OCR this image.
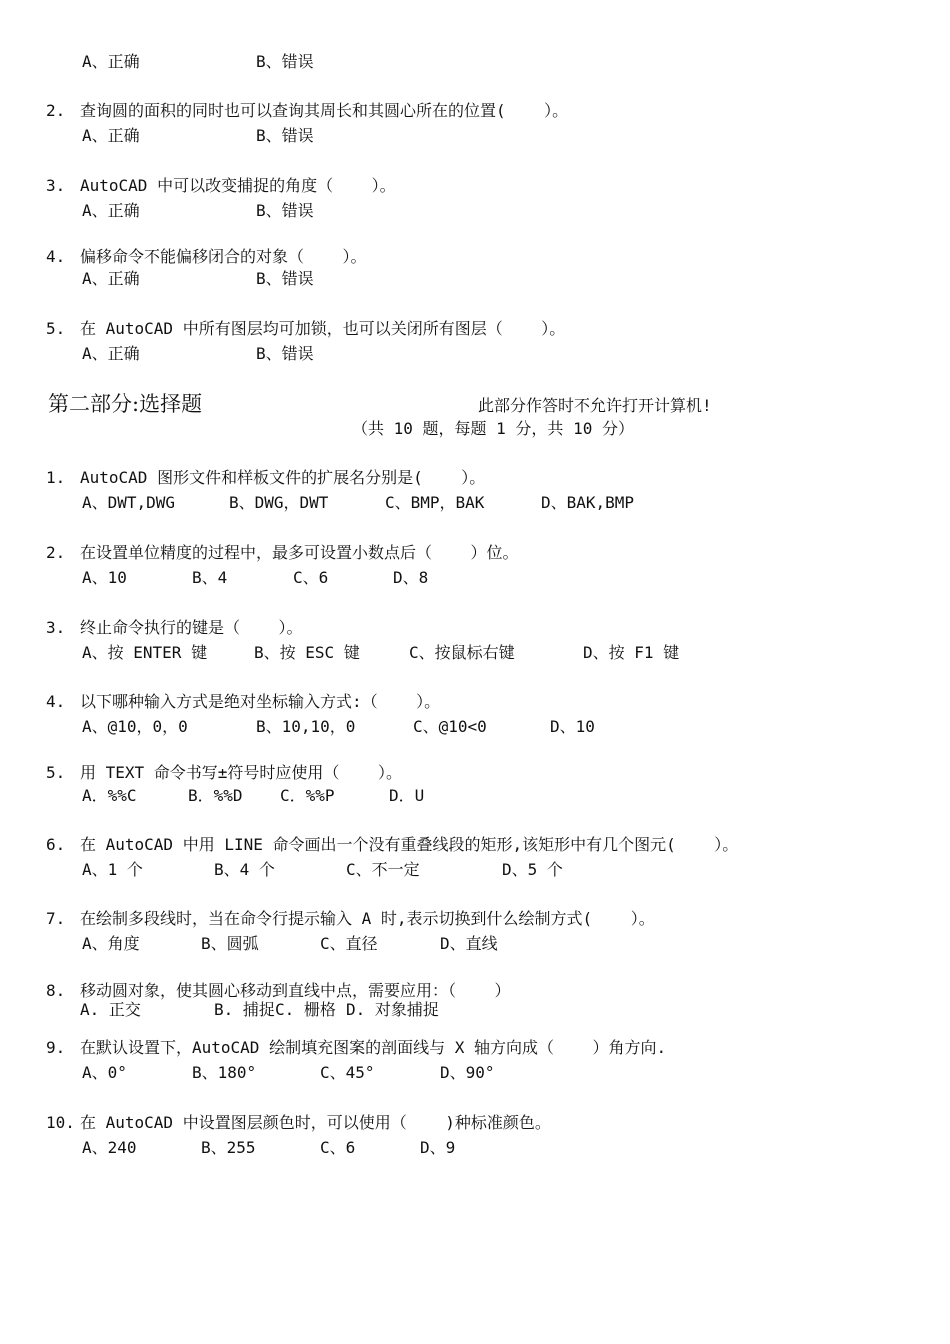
A、正确	B、错误
2. 查询圆的面积的同时也可以查询其周长和其圆心所在的位置(    ）。
A、正确	B、错误
3. AutoCAD 中可以改变捕捉的角度（    ）。
A、正确	B、错误
4. 偏移命令不能偏移闭合的对象（    ）。
A、正确	B、错误
5. 在 AutoCAD 中所有图层均可加锁，也可以关闭所有图层（    ）。
A、正确	B、错误
第二部分:选择题	此部分作答时不允许打开计算机!
（共 10 题，每题 1 分，共 10 分）
1. AutoCAD 图形文件和样板文件的扩展名分别是(    ）。
A、DWT,DWG	B、DWG，DWT	C、BMP，BAK	D、BAK,BMP
2. 在设置单位精度的过程中，最多可设置小数点后（    ）位。
A、10	B、4	C、6	D、8
3. 终止命令执行的键是（    ）。
A、按 ENTER 键	B、按 ESC 键	C、按鼠标右键	D、按 F1 键
4. 以下哪种输入方式是绝对坐标输入方式:（    ）。
A、@10，0，0	B、10,10，0	C、@10<0	D、10
5. 用 TEXT 命令书写±符号时应使用（    ）。
A．%%C	B．%%D C．%%P	D．U
6. 在 AutoCAD 中用 LINE 命令画出一个没有重叠线段的矩形,该矩形中有几个图元(    ）。
A、1 个	B、4 个	C、不一定	D、5 个
7. 在绘制多段线时，当在命令行提示输入 A 时,表示切换到什么绘制方式(    ）。
A、角度	B、圆弧	C、直径	D、直线
8. 移动圆对象，使其圆心移动到直线中点，需要应用：（    ）
A. 正交	B. 捕捉 C. 栅格 D. 对象捕捉
9. 在默认设置下，AutoCAD 绘制填充图案的剖面线与 X 轴方向成（    ）角方向.
A、0°	B、180°	C、45°	D、90°
10. 在 AutoCAD 中设置图层颜色时，可以使用（    )种标准颜色。
A、240	B、255	C、6	D、9
